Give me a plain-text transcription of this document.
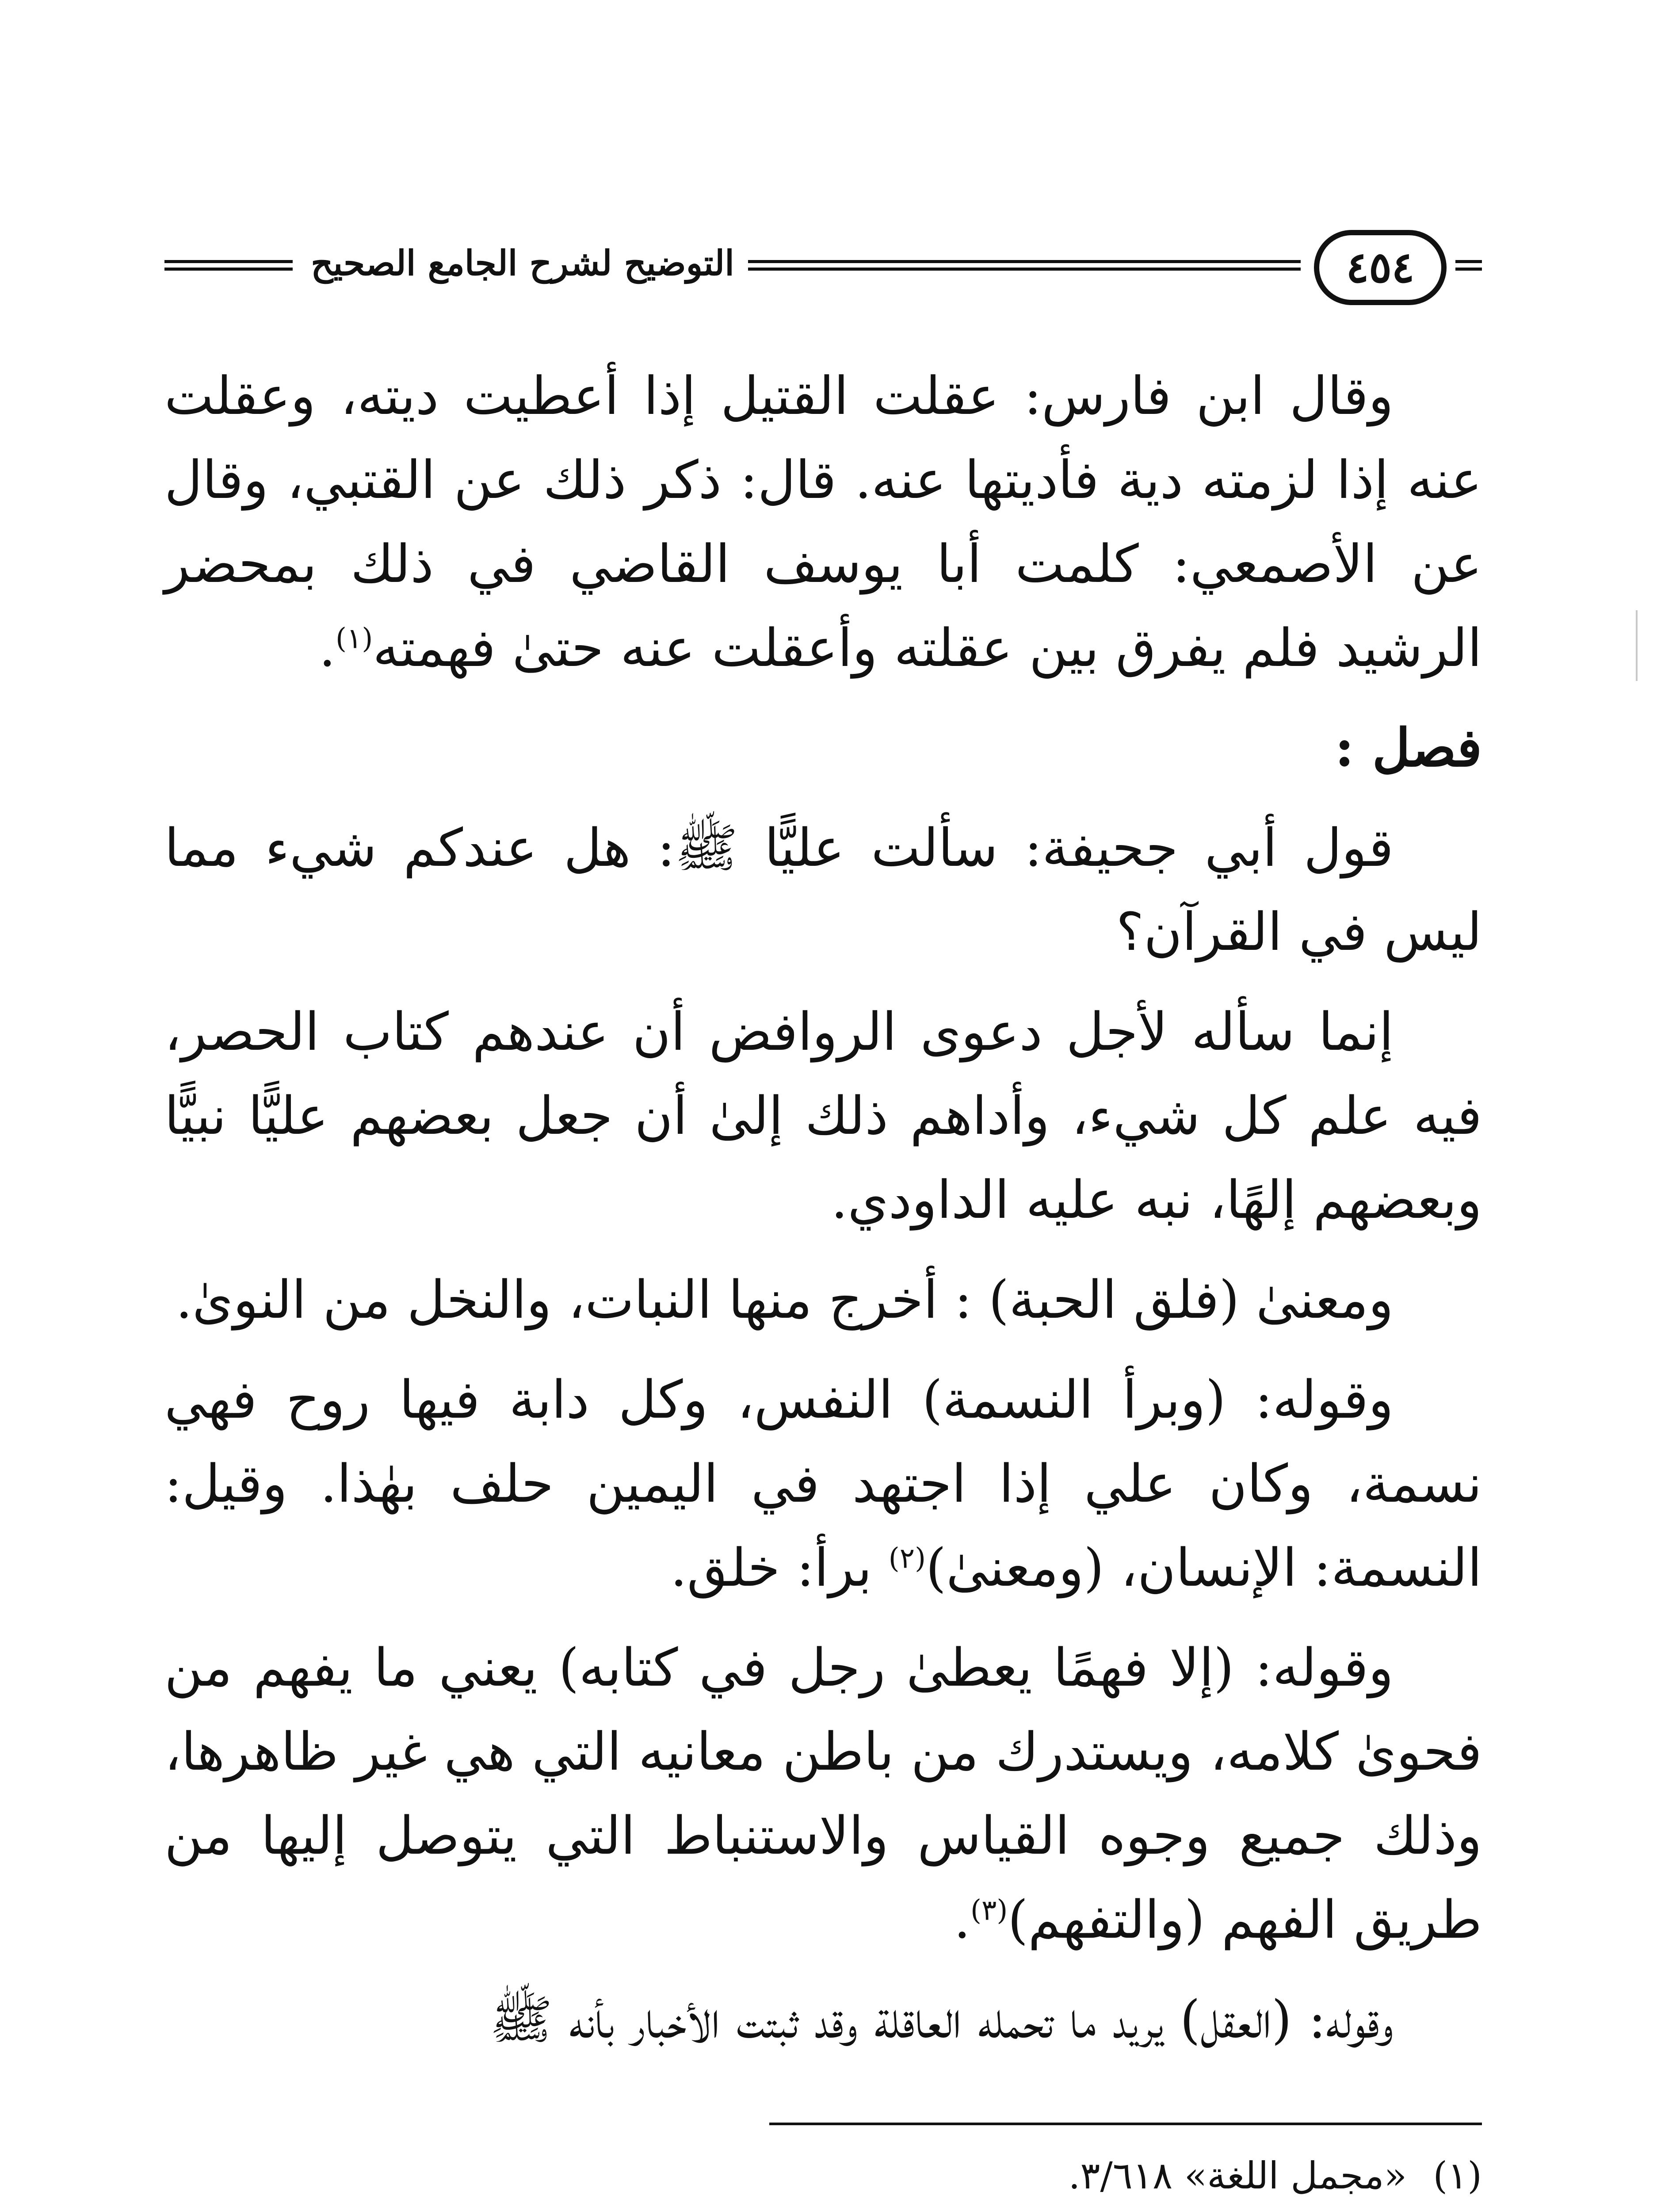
التوضيح لشرح الجامع الصحيح	٤٥٤

وقال ابن فارس: عقلت القتيل إذا أعطيت ديته، وعقلت عنه إذا لزمته دية فأديتها عنه. قال: ذكر ذلك عن القتبي، وقال عن الأصمعي: كلمت أبا يوسف القاضي في ذلك بمحضر الرشيد فلم يفرق بين عقلته وأعقلت عنه حتىٰ فهمته$^{(١)}$.

فصل :

قول أبي جحيفة: سألت عليًّا ﷺ: هل عندكم شيء مما ليس في القرآن؟

إنما سأله لأجل دعوى الروافض أن عندهم كتاب الحصر، فيه علم كل شيء، وأداهم ذلك إلىٰ أن جعل بعضهم عليًّا نبيًّا وبعضهم إلهًا، نبه عليه الداودي.

ومعنىٰ (فلق الحبة) : أخرج منها النبات، والنخل من النوىٰ.

وقوله: (وبرأ النسمة) النفس، وكل دابة فيها روح فهي نسمة، وكان علي إذا اجتهد في اليمين حلف بهٰذا. وقيل: النسمة: الإنسان، (ومعنىٰ)$^{(٢)}$ برأ: خلق.

وقوله: (إلا فهمًا يعطىٰ رجل في كتابه) يعني ما يفهم من فحوىٰ كلامه، ويستدرك من باطن معانيه التي هي غير ظاهرها، وذلك جميع وجوه القياس والاستنباط التي يتوصل إليها من طريق الفهم (والتفهم)$^{(٣)}$.

وقوله: (العقل) يريد ما تحمله العاقلة وقد ثبتت الأخبار بأنه ﷺ

(١)«مجمل اللغة» ٣/٦١٨.
